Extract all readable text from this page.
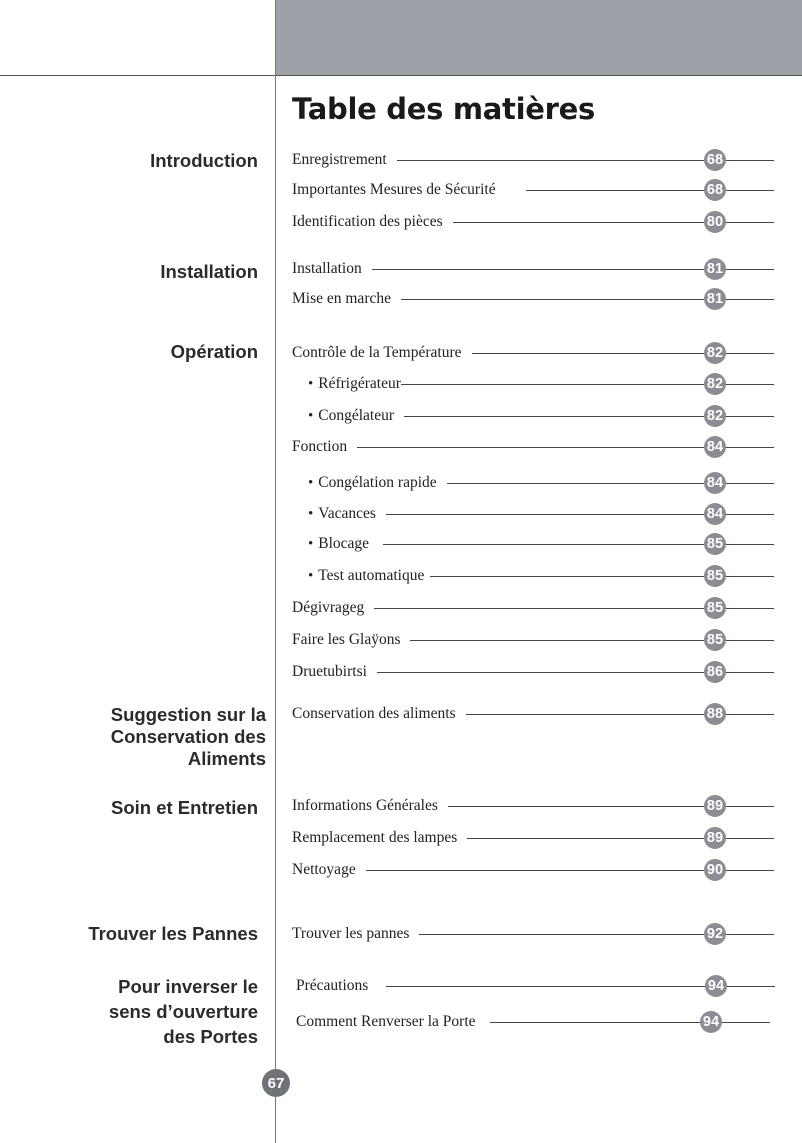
Table des matières
Introduction
Installation
Opération
Suggestion sur la
Conservation des
Aliments
Soin et Entretien
Trouver les Pannes
Pour inverser le
sens d’ouverture
des Portes
Enregistrement	68
Importantes Mesures de Sécurité	68
Identification des pièces	80
Installation	81
Mise en marche	81
Contrôle de la Température	82
• Réfrigérateur	82
• Congélateur	82
Fonction	84
• Congélation rapide	84
• Vacances	84
• Blocage	85
• Test automatique	85
Dégivrageg	85
Faire les Glaÿons	85
Druetubirtsi	86
Conservation des aliments	88
Informations Générales	89
Remplacement des lampes	89
Nettoyage	90
Trouver les pannes	92
Précautions	94
Comment Renverser la Porte	94
67
